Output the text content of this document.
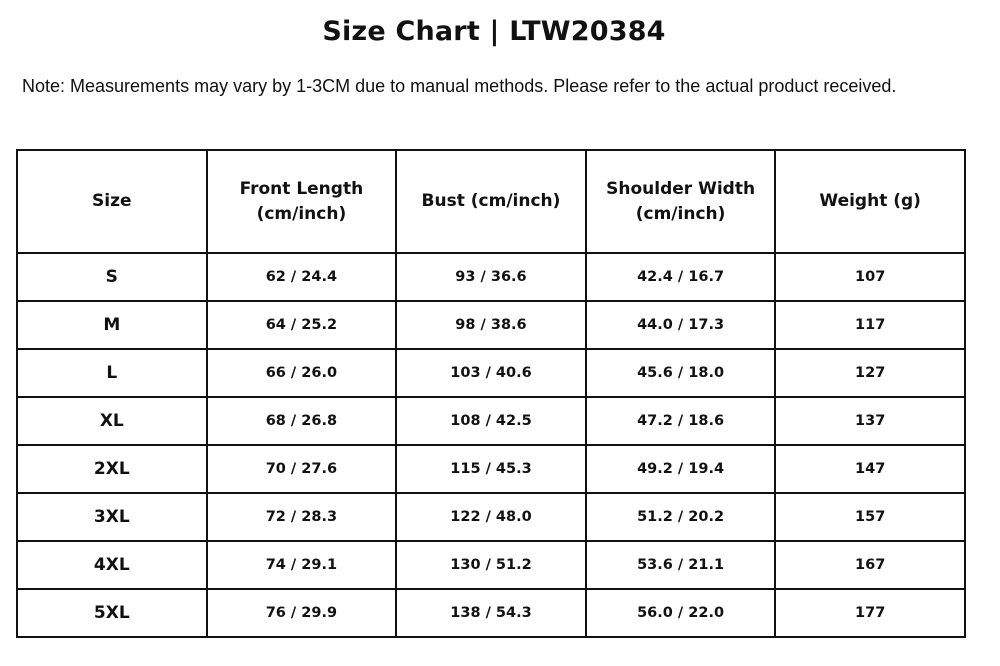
Size Chart | LTW20384
Note: Measurements may vary by 1-3CM due to manual methods. Please refer to the actual product received.
Size	Front Length (cm/inch)	Bust (cm/inch)	Shoulder Width (cm/inch)	Weight (g)
S	62 / 24.4	93 / 36.6	42.4 / 16.7	107
M	64 / 25.2	98 / 38.6	44.0 / 17.3	117
L	66 / 26.0	103 / 40.6	45.6 / 18.0	127
XL	68 / 26.8	108 / 42.5	47.2 / 18.6	137
2XL	70 / 27.6	115 / 45.3	49.2 / 19.4	147
3XL	72 / 28.3	122 / 48.0	51.2 / 20.2	157
4XL	74 / 29.1	130 / 51.2	53.6 / 21.1	167
5XL	76 / 29.9	138 / 54.3	56.0 / 22.0	177
